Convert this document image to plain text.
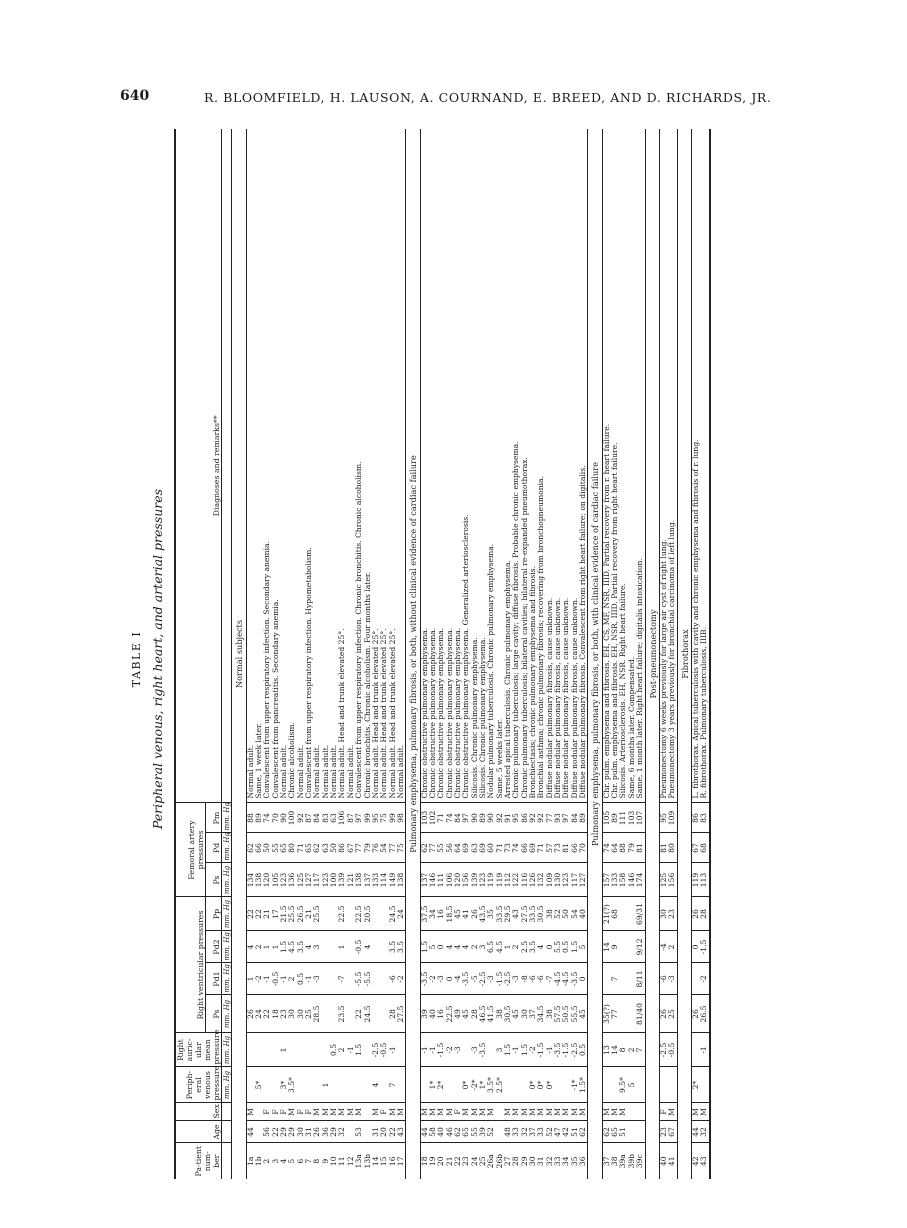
640	R. BLOOMFIELD, H. LAUSON, A. COURNAND, E. BREED, AND D. RICHARDS, JR.
TABLE I Peripheral venous, right heart, and arterial pressures
Pa-tient num-ber	Age	Sex	Periph-eral venous pressure	Right auric-ular mean pressure	Right ventricular pressures				Femoral artery pressures			Diagnoses and remarks**
					Ps	Pd1	Pd2	Pp	Ps	Pd	Pm	
			mm. Hg	mm. Hg	mm. Hg	mm. Hg	mm. Hg	mm. Hg	mm. Hg	mm. Hg	mm. Hg	
Normal subjects												
1a	44	M			26	1	4	22	134	62	88	Normal adult.
1b			5*		24	-2	2	22	138	66	89	Same, 1 week later.
2	56	F			22	-1	1	21	120	50	74	Convalescent from upper respiratory infection. Secondary anemia.
3	22	F			18	-0.5	1	17	105	55	70	Convalescent from pancreatitis. Secondary anemia.
4	29	F	3*	1	23	-1	1.5	21.5	123	65	90	Normal adult.
5	29	M	3.5*		30	2	4.5	25.5	136	80	100	Chronic alcoholism.
6	30	F			30	0.5	3.5	26.5	125	71	92	Normal adult.
7	31	F			25	-1	4	21	127	65	87	Convalescent from upper respiratory infection. Hypometabolism.
8	26	M			28.5	-3	3	25.5	117	62	84	Normal adult.
9	36	M	1						123	63	83	Normal adult.
10	29	M		0.5					100	50	63	Normal adult.
11	32	M		2	23.5	-7	1	22.5	139	86	106	Normal adult. Head and trunk elevated 25°.
12		M		-1					121	67	87	Normal adult.
13a	53	M		1.5	22	-5.5	-0.5	22.5	138	77	97	Convalescent from upper respiratory infection. Chronic bronchitis. Chronic alcoholism.
13b					24.5	-5.5	4	20.5	137	79	99	Chronic bronchitis. Chronic alcoholism. Four months later.
14	31	M	4	-2.5					133	76	95	Normal adult. Head and trunk elevated 25°.
15	20	F		-0.5					114	54	75	Normal adult. Head and trunk elevated 25°.
16	22	M	7	-1	28	-6	3.5	24.5	149	77	99	Normal adult. Head and trunk elevated 25°.
17	43	M			27.5	-2	3.5	24	138	75	98	Normal adult.
Pulmonary emphysema, pulmonary fibrosis, or both, without clinical evidence of cardiac failure												
18	44	M		-1	39	-3.5	1.5	37.5	137	62	103	Chronic obstructive pulmonary emphysema.
19	58	M	1*	-1	40	-2	5	34	146	77	102	Chronic obstructive pulmonary emphysema.
20	40	M	2*	-1.5	16	-3	0	16	111	55	71	Chronic obstructive pulmonary emphysema.
21	46	M		-2	22.5	0	4	18.5	106	56	74	Chronic obstructive pulmonary emphysema.
22	62	F		-3	49	-4	4	45	120	64	84	Chronic obstructive pulmonary emphysema.
23	65	M	0*		45	-3.5	4	41	156	69	97	Chronic obstructive pulmonary emphysema. Generalized arteriosclerosis.
24	55	M	-2*	-3	28	-5	2	26	139	63	90	Silicosis. Chronic pulmonary emphysema.
25	39	M	1*	-3.5	46.5	-2.5	3	43.5	123	69	89	Silicosis. Chronic pulmonary emphysema.
26a	52	M	3.5*		41.5	-3	6.5	35	119	60	90	Nodular pulmonary tuberculosis. Chronic pulmonary emphysema.
26b			2.5*	3	38	-1.5	4.5	33.5	119	71	92	Same, 5 weeks later.
27	48	M		1.5	30.5	-2.5	1	29.5	112	73	91	Arrested apical tuberculosis. Chronic pulmonary emphysema.
28	33	M		-1	45	-3	2	43	122	74	95	Chronic pulmonary tuberculosis; large cavity; diffuse fibrosis. Probable chronic emphysema.
29	32	M		1.5	30	-8	2.5	27.5	116	66	86	Chronic pulmonary tuberculosis; bilateral cavities; bilateral re-expanded pneumothorax.
30	37	M	0*	-2	37	-6	3.5	33.5	126	69	92	Bronchiectasis; chronic pulmonary emphysema and fibrosis.
31	33	M	0*	-1.5	34.5	-6	4	30.5	132	71	92	Bronchial asthma; chronic pulmonary fibrosis; recovering from bronchopneumonia.
32	52	M	0*	-1	38	-7	0	38	109	57	77	Diffuse nodular pulmonary fibrosis, cause unknown.
33	47	M		-3.5	57.5	-4.5	5.5	52	130	73	93	Diffuse nodular pulmonary fibrosis, cause unknown.
34	42	M		-1.5	50.5	-4.5	0.5	50	123	81	97	Diffuse nodular pulmonary fibrosis, cause unknown.
35	51	M	-1*	-2.5	55.5	-3.5	1.5	54	117	66	84	Diffuse nodular pulmonary fibrosis, cause unknown.
36	62	M	1.5*	0.5	45	0	5	40	127	70	89	Diffuse nodular pulmonary fibrosis. Convalescent from right heart failure; on digitalis.
Pulmonary emphysema, pulmonary fibrosis, or both, with clinical evidence of cardiac failure												
37	62	M		13	35(?)		14	21(?)	157	74	105	Chr. pulm. emphysema and fibrosis. EH, CS, MF, NSR, IIID. Partial recovery from r. heart failure.
38	65	M		14	77	7	9	68	133	64	89	Chr. pulm. emphysema and fibrosis. EH, NSR, IIID. Partial recovery from right heart failure.
39a	51	M	9.5*	8					158	88	111	Silicosis. Arteriosclerosis. EH, NSR. Right heart failure.
39b			5	2					146	79	103	Same, 6 months later. Compensated.
39c				7	81/40	8/11	9/12	69/31	174	81	107	Same, 1 month later. Right heart failure; digitalis intoxication.
Post-pneumonectomy												
40	23	F		-2.5	26	-6	-4	30	125	81	95	Pneumonectomy 6 weeks previously for large air cyst of right lung.
41	67	M		-0.5	25	-3	2	23	156	80	109	Pneumonectomy 3 years previously for bronchial carcinoma of left lung.
Fibrothorax												
42	44	M	2*		26		0	26	119	67	86	L. fibrothorax. Apical tuberculosis with cavity and chronic emphysema and fibrosis of r. lung.
43	32	M		-1	26.5	-2	-1.5	28	113	68	83	R. fibrothorax. Pulmonary tuberculosis, IIIB.
